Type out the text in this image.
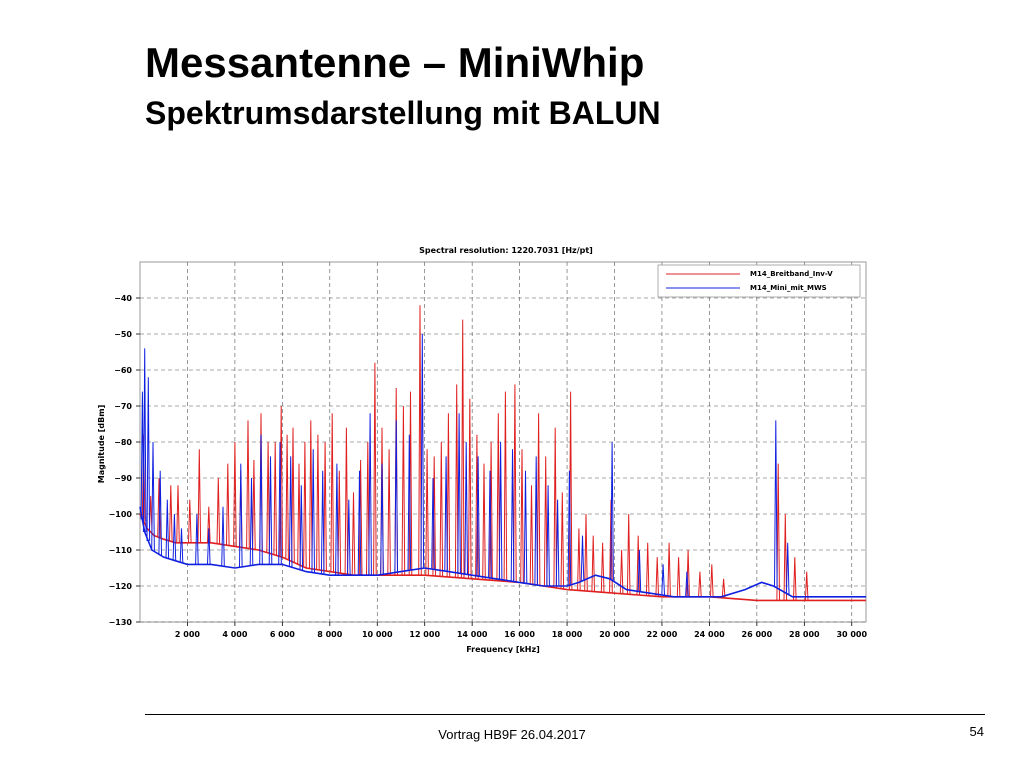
Messantenne – MiniWhip
Spektrumsdarstellung mit BALUN
Spectral resolution: 1220.7031 [Hz/pt]
−40
−50
−60
−70
−80
−90
−100
−110
−120
−130
2 000	4 000	6 000	8 000 10 000 12 000 14 000 16 000 18 000 20 000 22 000 24 000 26 000 28 000 30 000
Magnitude [dBm]
Frequency [kHz]
M14_Breitband_Inv-V
M14_Mini_mit_MWS
Vortrag HB9F 26.04.2017	54
